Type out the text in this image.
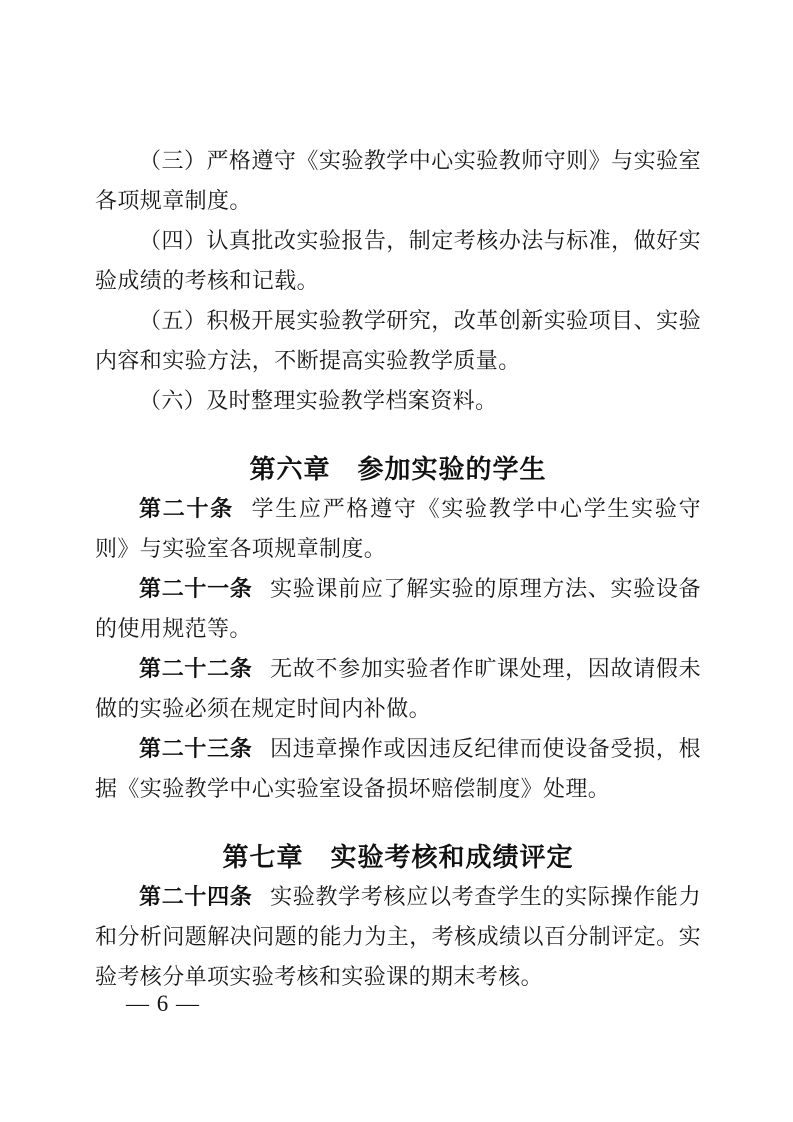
（三）严格遵守《实验教学中心实验教师守则》与实验室各项规章制度。

（四）认真批改实验报告，制定考核办法与标准，做好实验成绩的考核和记载。

（五）积极开展实验教学研究，改革创新实验项目、实验内容和实验方法，不断提高实验教学质量。

（六）及时整理实验教学档案资料。

第六章　参加实验的学生

第二十条 学生应严格遵守《实验教学中心学生实验守则》与实验室各项规章制度。

第二十一条 实验课前应了解实验的原理方法、实验设备的使用规范等。

第二十二条 无故不参加实验者作旷课处理，因故请假未做的实验必须在规定时间内补做。

第二十三条 因违章操作或因违反纪律而使设备受损，根据《实验教学中心实验室设备损坏赔偿制度》处理。

第七章　实验考核和成绩评定

第二十四条 实验教学考核应以考查学生的实际操作能力和分析问题解决问题的能力为主，考核成绩以百分制评定。实验考核分单项实验考核和实验课的期末考核。

— 6 —
